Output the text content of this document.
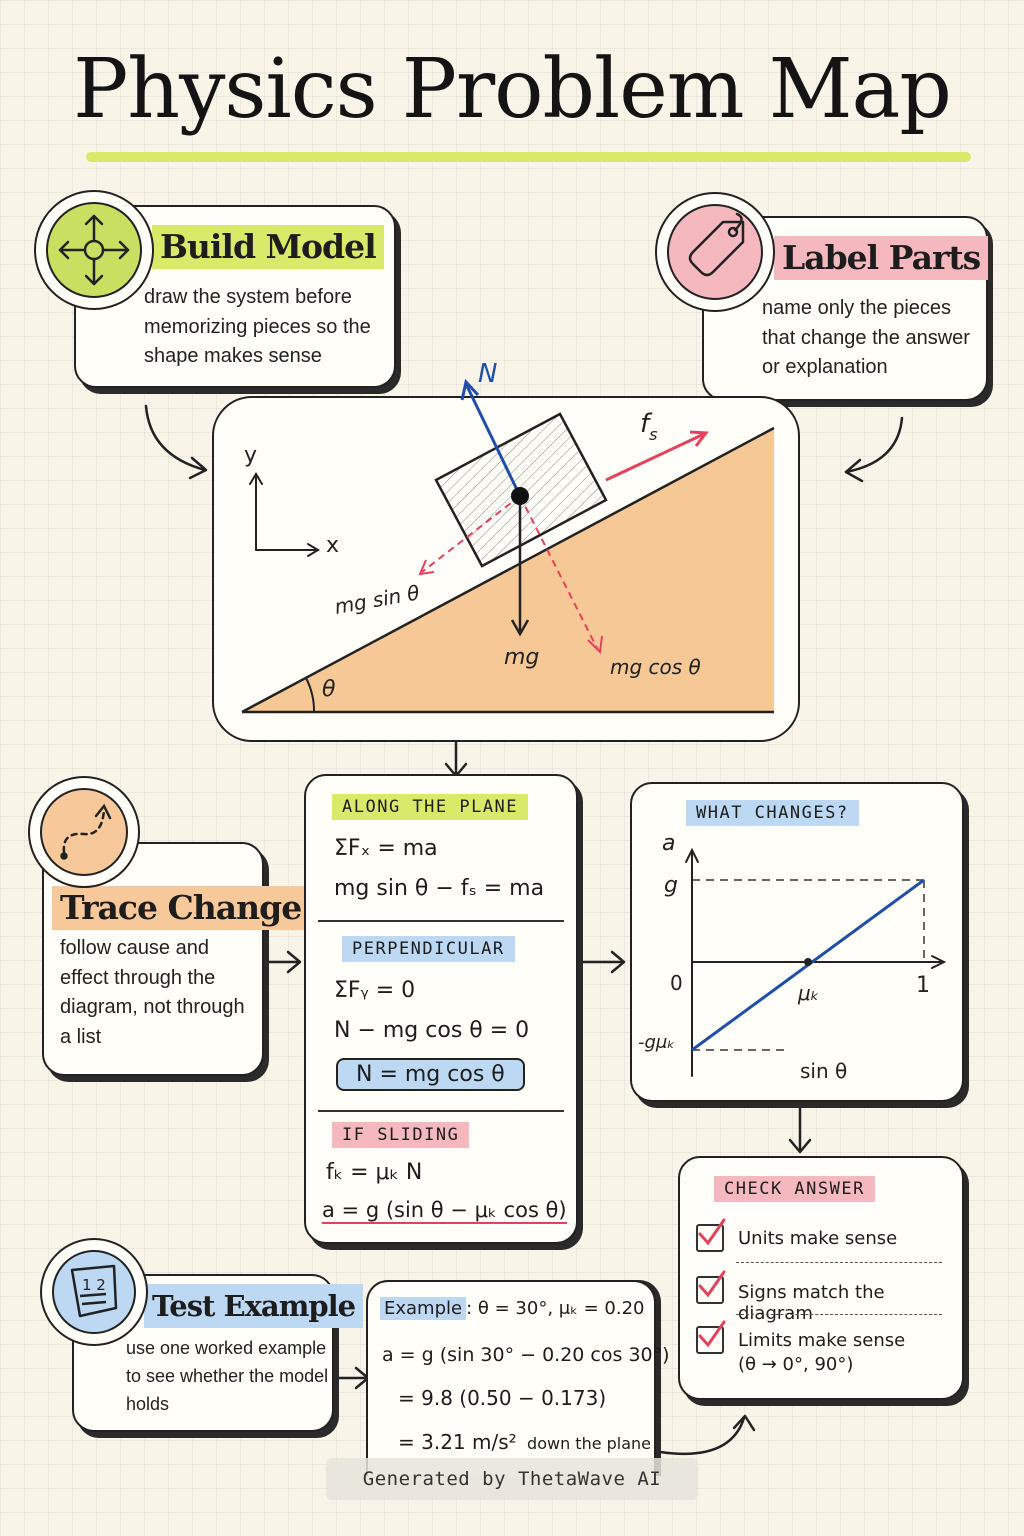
Physics Problem Map
Build Model
draw the system before memorizing pieces so the shape makes sense
Label Parts
name only the pieces that change the answer or explanation
y
x
N
$f_s$
mg
mg sin θ
mg cos θ
θ
Trace Change
follow cause and effect through the diagram, not through a list
ALONG THE PLANE
ΣFₓ = ma
mg sin θ − fₛ = ma
PERPENDICULAR
ΣFᵧ = 0
N − mg cos θ = 0
N = mg cos θ
IF SLIDING
fₖ = μₖ N
a = g (sin θ − μₖ cos θ)
WHAT CHANGES?
a
g
0
-gμₖ
μₖ	1
sin θ
CHECK ANSWER
Units make sense
Signs match the diagram
Limits make sense
(θ → 0°, 90°)
Test Example
use one worked example to see whether the model holds
1 2
Example : θ = 30°, μₖ = 0.20
a = g (sin 30° − 0.20 cos 30°)
= 9.8 (0.50 − 0.173)
= 3.21 m/s² down the plane
Generated by ThetaWave AI
